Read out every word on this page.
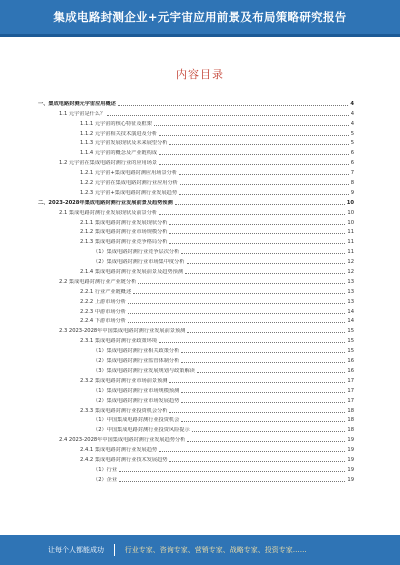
集成电路封测企业+元宇宙应用前景及布局策略研究报告
内容目录
一、集成电路封测元宇宙应用概述	4
1.1 元宇宙是什么？	4
1.1.1 元宇宙的核心特征及框架	4
1.1.2 元宇宙相关技术演进及分析	5
1.1.3 元宇宙发展现状及未来展望分析	5
1.1.4 元宇宙的概念及产业链构成	6
1.2 元宇宙在集成电路封测行业的应用场景	6
1.2.1 元宇宙+集成电路封测应用场景分析	7
1.2.2 元宇宙在集成电路封测行业应用分析	8
1.2.3 元宇宙+集成电路封测行业发展趋势	9
二、2023-2028年集成电路封测行业发展前景及趋势预测	10
2.1 集成电路封测行业发展现状及前景分析	10
2.1.1 集成电路封测行业发展现状分析	10
2.1.2 集成电路封测行业市场规模分析	11
2.1.3 集成电路封测行业竞争格局分析	11
（1）集成电路封测行业竞争层次分析	11
（2）集成电路封测行业市场集中度分析	12
2.1.4 集成电路封测行业发展前景及趋势预测	12
2.2 集成电路封测行业产业链分析	13
2.2.1 行业产业链概述	13
2.2.2 上游市场分析	13
2.2.3 中游市场分析	14
2.2.4 下游市场分析	14
2.3 2023-2028年中国集成电路封测行业发展前景预测	15
2.3.1 集成电路封测行业政策环境	15
（1）集成电路封测行业相关政策分析	15
（2）集成电路封测行业监管体制分析	16
（3）集成电路封测行业发展规划与政策解读	16
2.3.2 集成电路封测行业市场前景预测	17
（1）集成电路封测行业市场规模预测	17
（2）集成电路封测行业市场发展趋势	17
2.3.3 集成电路封测行业投资机会分析	18
（1）中国集成电路封测行业投资机会	18
（2）中国集成电路封测行业投资风险提示	18
2.4 2023-2028年中国集成电路封测行业发展趋势分析	19
2.4.1 集成电路封测行业发展趋势	19
2.4.2 集成电路封测行业技术发展趋势	19
（1）行业	19
（2）企业	19
让每个人都能成功	行业专家、咨询专家、营销专家、战略专家、投资专家……
